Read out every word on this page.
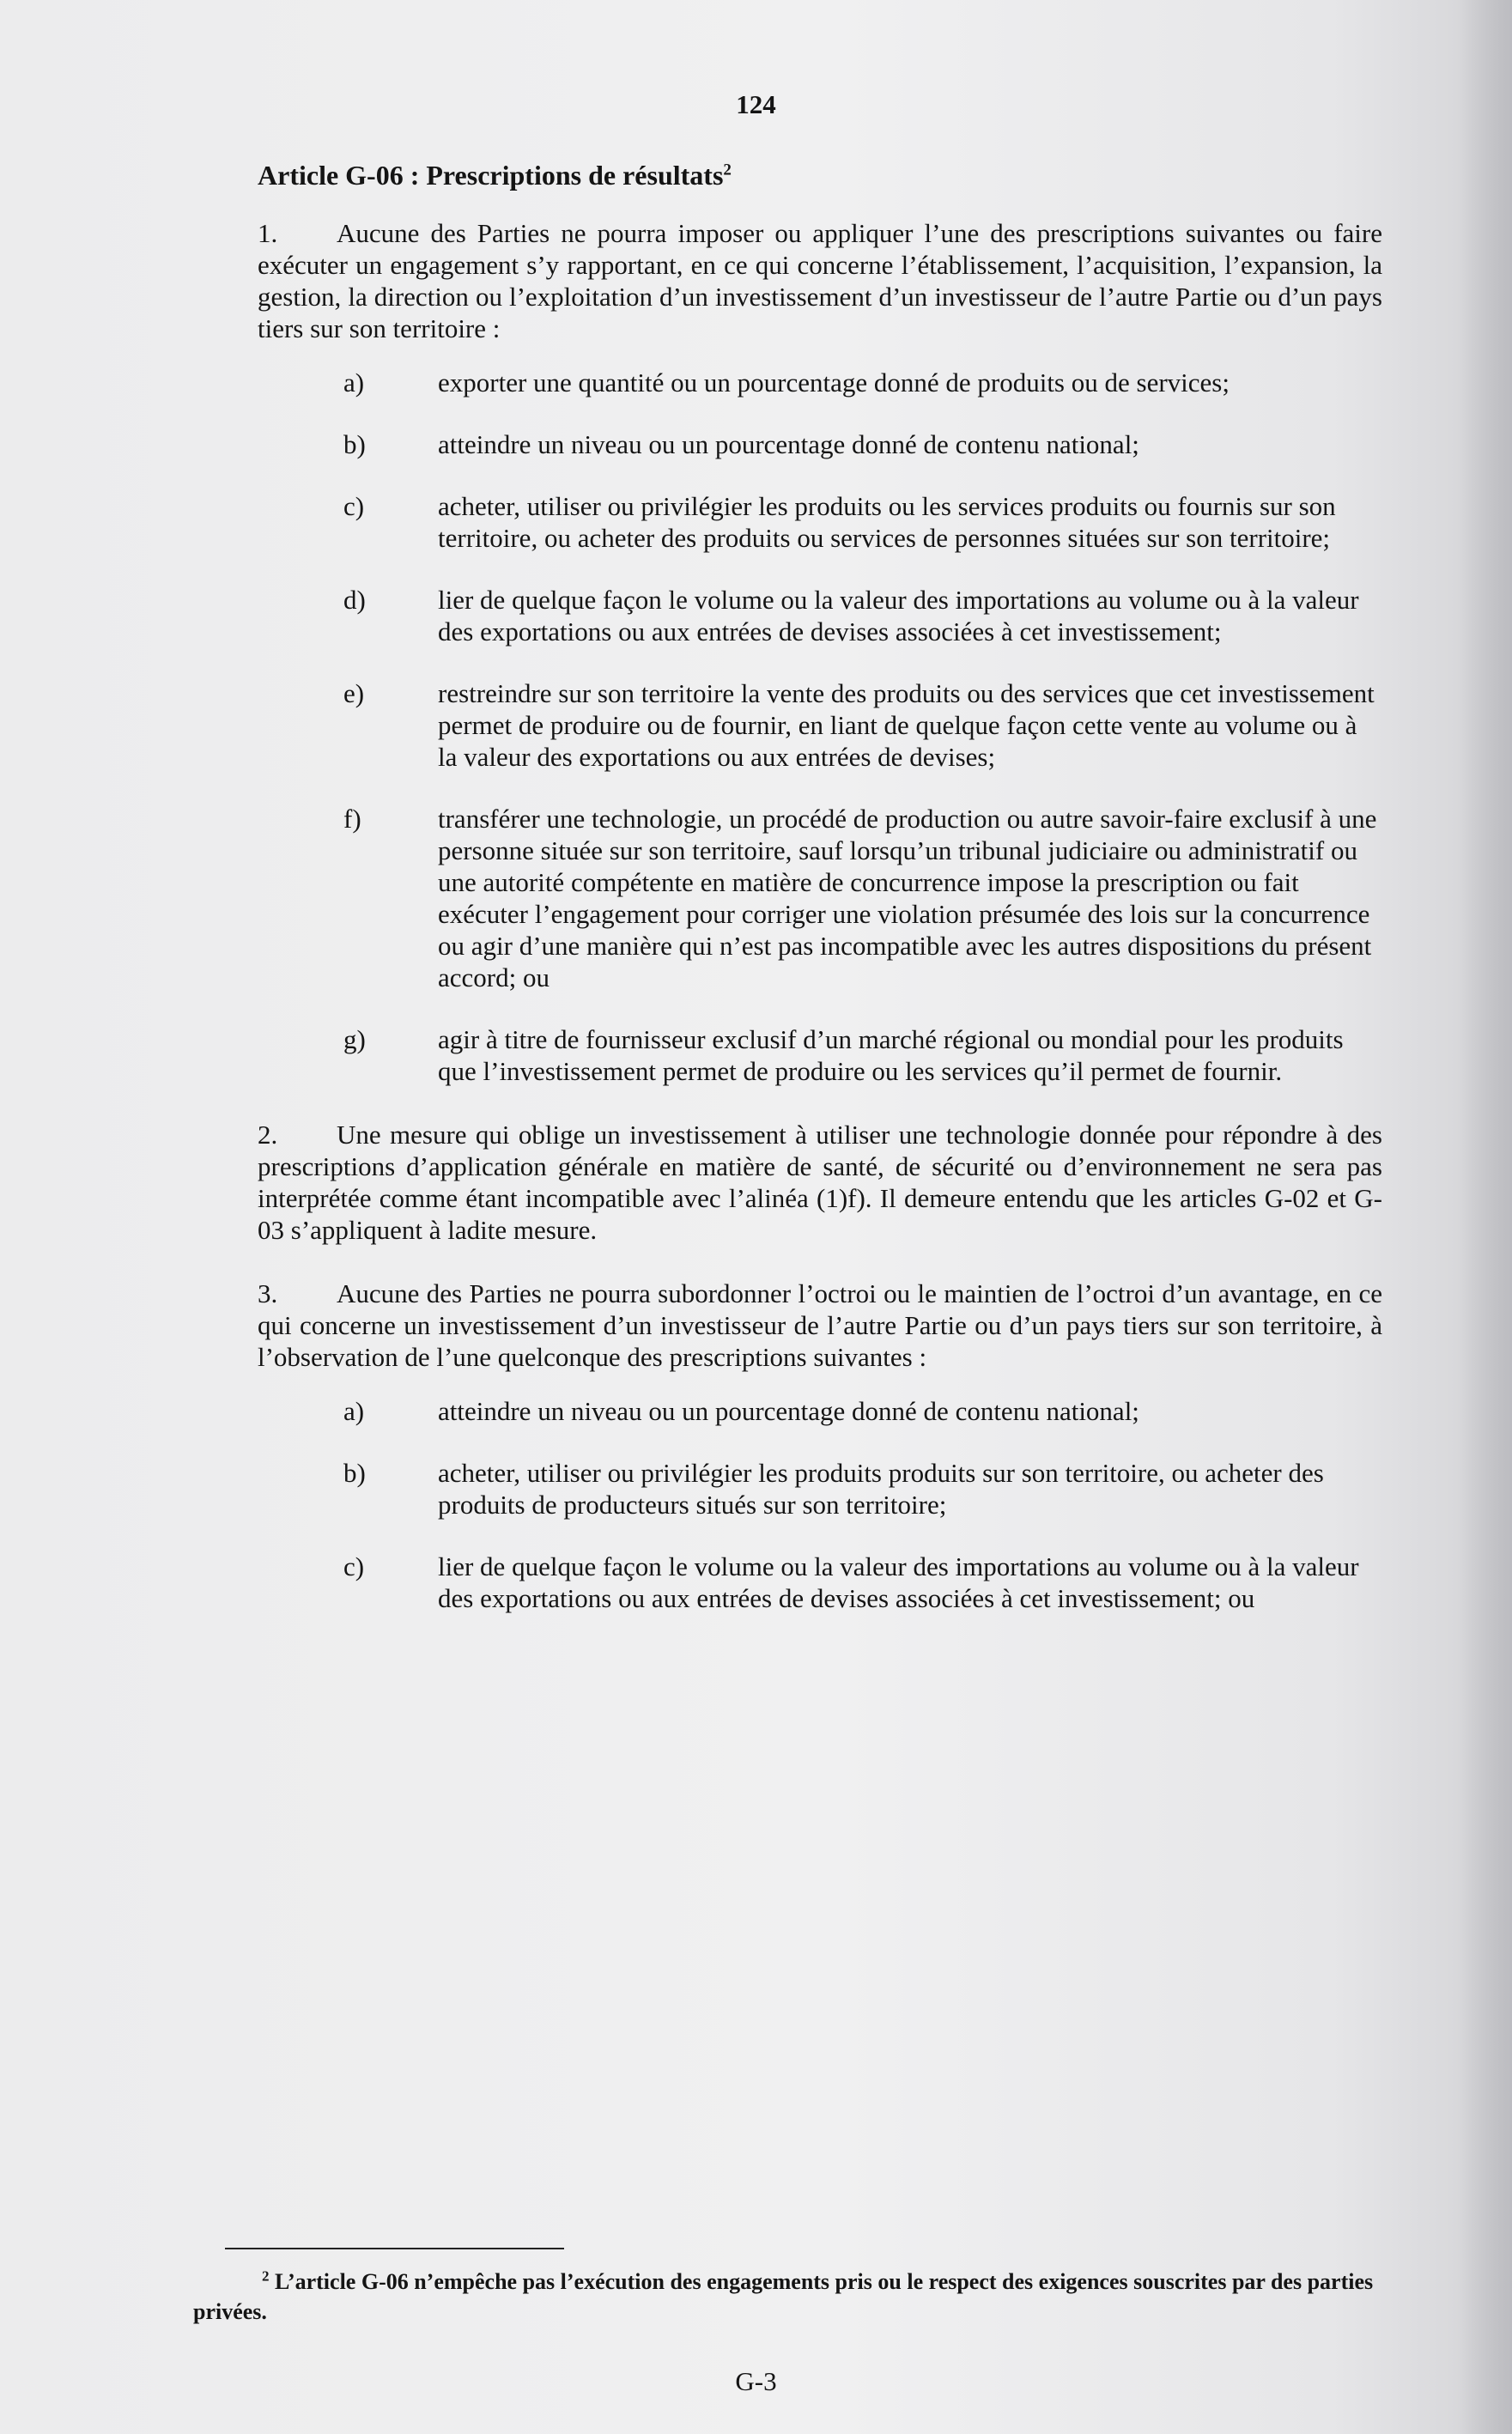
124

Article G-06 : Prescriptions de résultats$^2$

1. Aucune des Parties ne pourra imposer ou appliquer l’une des prescriptions suivantes ou faire exécuter un engagement s’y rapportant, en ce qui concerne l’établissement, l’acquisition, l’expansion, la gestion, la direction ou l’exploitation d’un investissement d’un investisseur de l’autre Partie ou d’un pays tiers sur son territoire :

a)	exporter une quantité ou un pourcentage donné de produits ou de services;

b)	atteindre un niveau ou un pourcentage donné de contenu national;

c)	acheter, utiliser ou privilégier les produits ou les services produits ou fournis sur son territoire, ou acheter des produits ou services de personnes situées sur son territoire;

d)	lier de quelque façon le volume ou la valeur des importations au volume ou à la valeur des exportations ou aux entrées de devises associées à cet investissement;

e)	restreindre sur son territoire la vente des produits ou des services que cet investissement permet de produire ou de fournir, en liant de quelque façon cette vente au volume ou à la valeur des exportations ou aux entrées de devises;

f)	transférer une technologie, un procédé de production ou autre savoir-faire exclusif à une personne située sur son territoire, sauf lorsqu’un tribunal judiciaire ou administratif ou une autorité compétente en matière de concurrence impose la prescription ou fait exécuter l’engagement pour corriger une violation présumée des lois sur la concurrence ou agir d’une manière qui n’est pas incompatible avec les autres dispositions du présent accord; ou

g)	agir à titre de fournisseur exclusif d’un marché régional ou mondial pour les produits que l’investissement permet de produire ou les services qu’il permet de fournir.

2. Une mesure qui oblige un investissement à utiliser une technologie donnée pour répondre à des prescriptions d’application générale en matière de santé, de sécurité ou d’environnement ne sera pas interprétée comme étant incompatible avec l’alinéa (1)f). Il demeure entendu que les articles G-02 et G-03 s’appliquent à ladite mesure.

3. Aucune des Parties ne pourra subordonner l’octroi ou le maintien de l’octroi d’un avantage, en ce qui concerne un investissement d’un investisseur de l’autre Partie ou d’un pays tiers sur son territoire, à l’observation de l’une quelconque des prescriptions suivantes :

a)	atteindre un niveau ou un pourcentage donné de contenu national;

b)	acheter, utiliser ou privilégier les produits produits sur son territoire, ou acheter des produits de producteurs situés sur son territoire;

c)	lier de quelque façon le volume ou la valeur des importations au volume ou à la valeur des exportations ou aux entrées de devises associées à cet investissement; ou

$^2$ L’article G-06 n’empêche pas l’exécution des engagements pris ou le respect des exigences souscrites par des parties privées.

G-3
